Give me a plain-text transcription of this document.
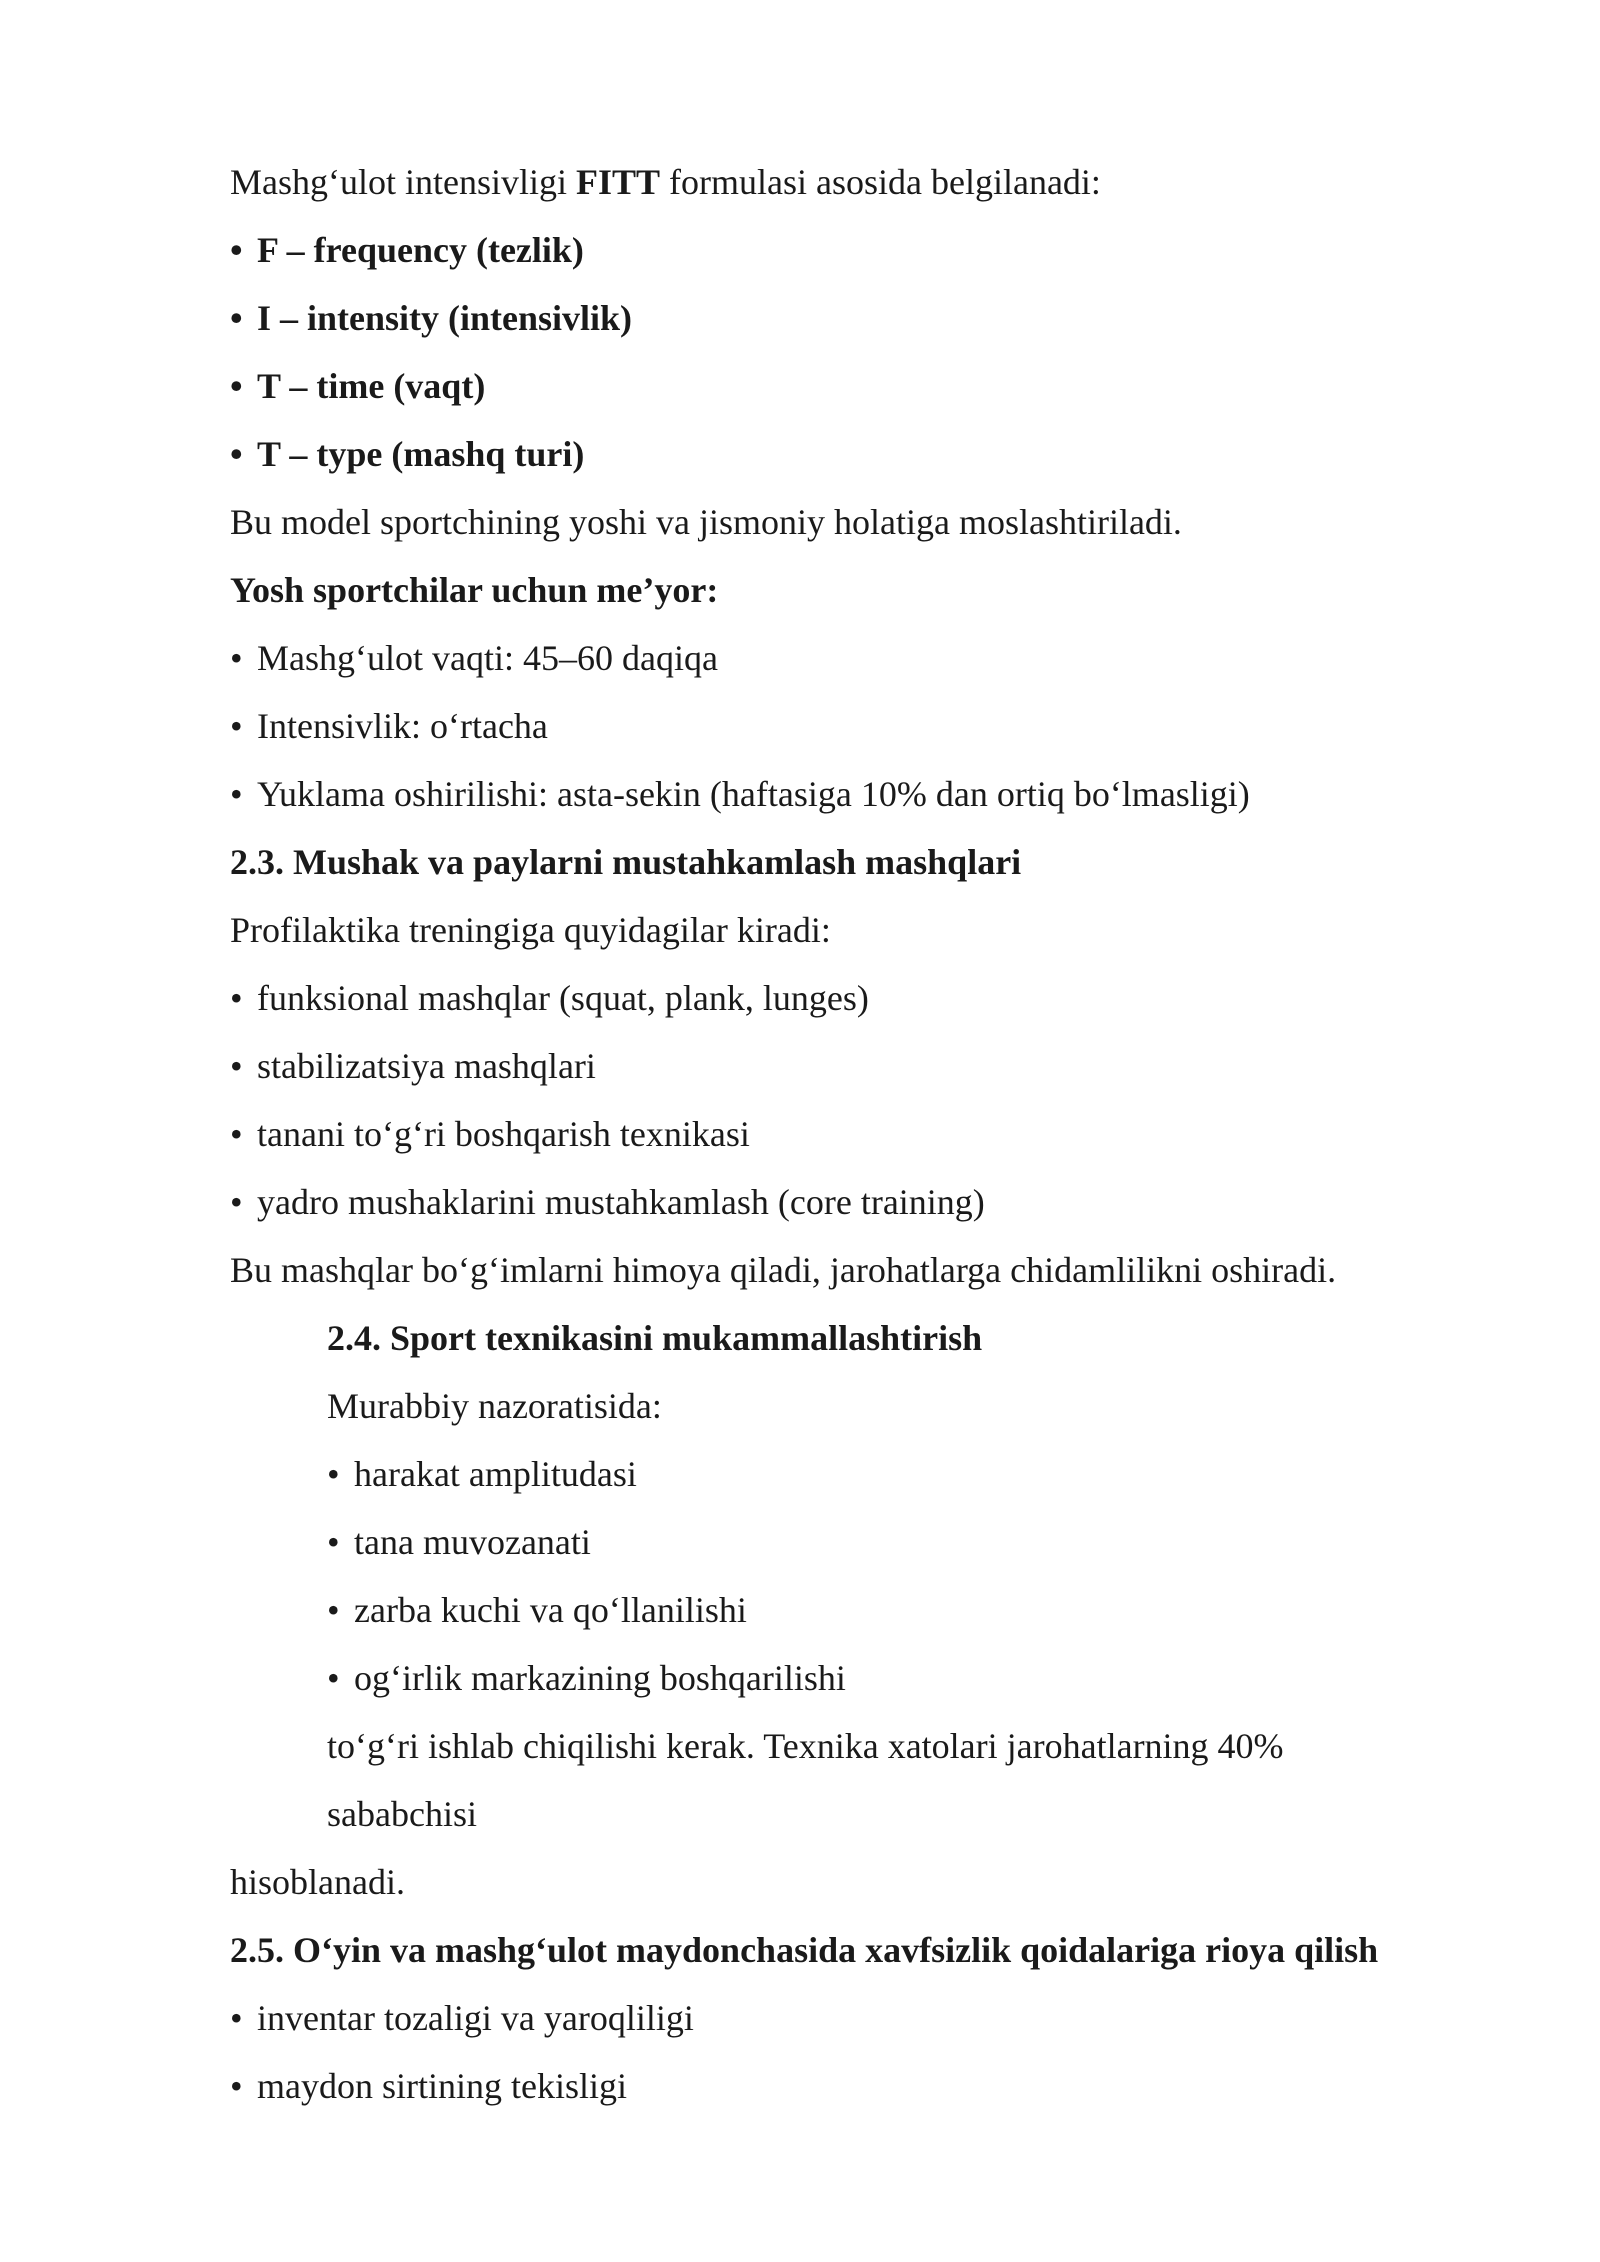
Mashg‘ulot intensivligi FITT formulasi asosida belgilanadi:
• F – frequency (tezlik)
• I – intensity (intensivlik)
• T – time (vaqt)
• T – type (mashq turi)
Bu model sportchining yoshi va jismoniy holatiga moslashtiriladi.
Yosh sportchilar uchun me’yor:
• Mashg‘ulot vaqti: 45–60 daqiqa
• Intensivlik: o‘rtacha
• Yuklama oshirilishi: asta-sekin (haftasiga 10% dan ortiq bo‘lmasligi)
2.3. Mushak va paylarni mustahkamlash mashqlari
Profilaktika treningiga quyidagilar kiradi:
• funksional mashqlar (squat, plank, lunges)
• stabilizatsiya mashqlari
• tanani to‘g‘ri boshqarish texnikasi
• yadro mushaklarini mustahkamlash (core training)
Bu mashqlar bo‘g‘imlarni himoya qiladi, jarohatlarga chidamlilikni oshiradi.
2.4. Sport texnikasini mukammallashtirish
Murabbiy nazoratisida:
• harakat amplitudasi
• tana muvozanati
• zarba kuchi va qo‘llanilishi
• og‘irlik markazining boshqarilishi
to‘g‘ri ishlab chiqilishi kerak. Texnika xatolari jarohatlarning 40%
sababchisi
hisoblanadi.
2.5. O‘yin va mashg‘ulot maydonchasida xavfsizlik qoidalariga rioya qilish
• inventar tozaligi va yaroqliligi
• maydon sirtining tekisligi
